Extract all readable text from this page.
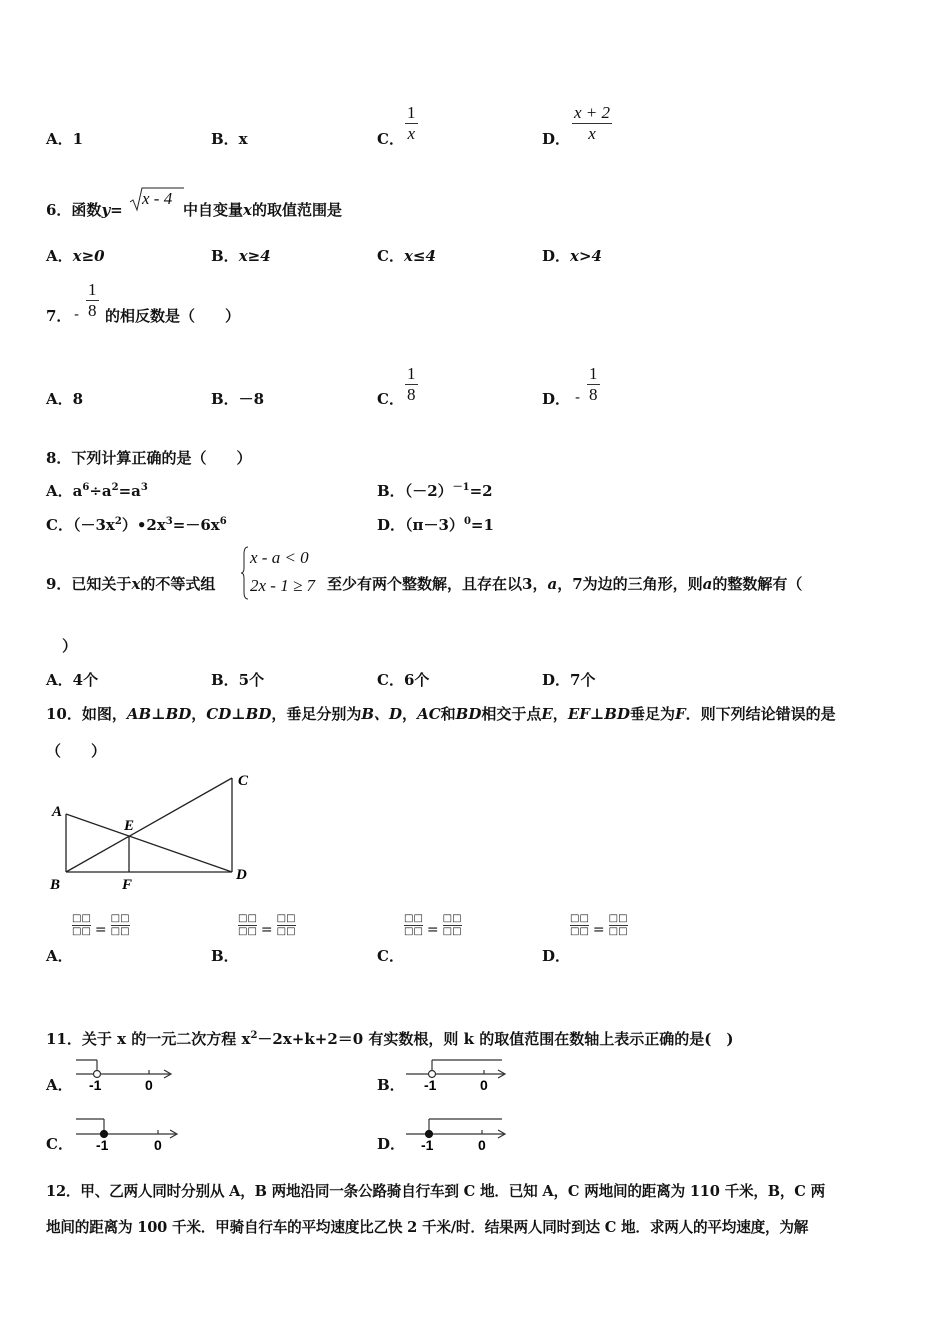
A．1	B．x	C． $\frac{1}{x}$	D． $\frac{x + 2}{x}$
6．函数y=
x - 4
中自变量x的取值范围是
A．x≥0	B．x≥4	C．x≤4	D．x>4
7． - $\frac{1}{8}$ 的相反数是（　　）
A．8	B．－8	C． $\frac{1}{8}$	D． - $\frac{1}{8}$
8．下列计算正确的是（　　）
A．$a^6\div a^2=a^3$	B．$(-2)^{-1}=2$
C．$(-3x^2)•2x^3=-6x^6$	D．$(\pi-3)^0=1$
9．已知关于x的不等式组
x - a < 0
2x - 1 ≥ 7 至少有两个整数解，且存在以3，a，7为边的三角形，则a的整数解有（
）
A．4个	B．5个	C．6个	D．7个
10．如图，AB⊥BD，CD⊥BD，垂足分别为B、D，AC和BD相交于点E，EF⊥BD垂足为F．则下列结论错误的是
（　　）
A
B
C
D
E
F
□□
□□ =□□
□□
A．
□□
□□ =□□
□□
B．
□□
□□ =□□
□□
C．
□□
□□ =□□
□□
D．
11．关于 x 的一元二次方程 $x^2-2x+k+2=0$ 有实数根，则 k 的取值范围在数轴上表示正确的是(　)
A． -1	0	B． -1	0
C． -1	0	D． -1	0
12．甲、乙两人同时分别从 A，B 两地沿同一条公路骑自行车到 C 地．已知 A，C 两地间的距离为 110 千米，B，C 两
地间的距离为 100 千米．甲骑自行车的平均速度比乙快 2 千米/时．结果两人同时到达 C 地．求两人的平均速度，为解
